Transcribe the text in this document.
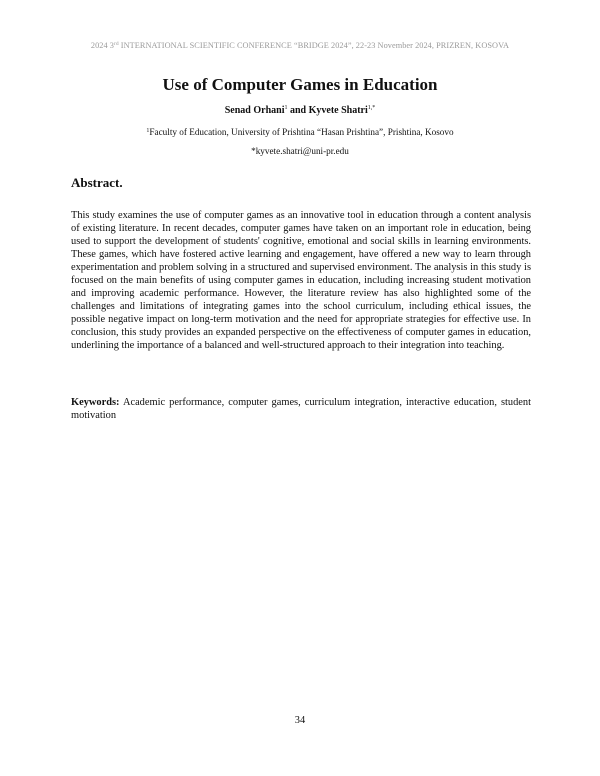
2024 3rd INTERNATIONAL SCIENTIFIC CONFERENCE “BRIDGE 2024”, 22-23 November 2024, PRIZREN, KOSOVA
Use of Computer Games in Education
Senad Orhani$^1$ and Kyvete Shatri$^{1,*}$
$^1$Faculty of Education, University of Prishtina “Hasan Prishtina”, Prishtina, Kosovo
*kyvete.shatri@uni-pr.edu
Abstract.

This study examines the use of computer games as an innovative tool in education through a content analysis of existing literature. In recent decades, computer games have taken on an important role in education, being used to support the development of students' cognitive, emotional and social skills in learning environments. These games, which have fostered active learning and engagement, have offered a new way to learn through experimentation and problem solving in a structured and supervised environment. The analysis in this study is focused on the main benefits of using computer games in education, including increasing student motivation and improving academic performance. However, the literature review has also highlighted some of the challenges and limitations of integrating games into the school curriculum, including ethical issues, the possible negative impact on long-term motivation and the need for appropriate strategies for effective use. In conclusion, this study provides an expanded perspective on the effectiveness of computer games in education, underlining the importance of a balanced and well-structured approach to their integration into teaching.

Keywords: Academic performance, computer games, curriculum integration, interactive education, student motivation

34
